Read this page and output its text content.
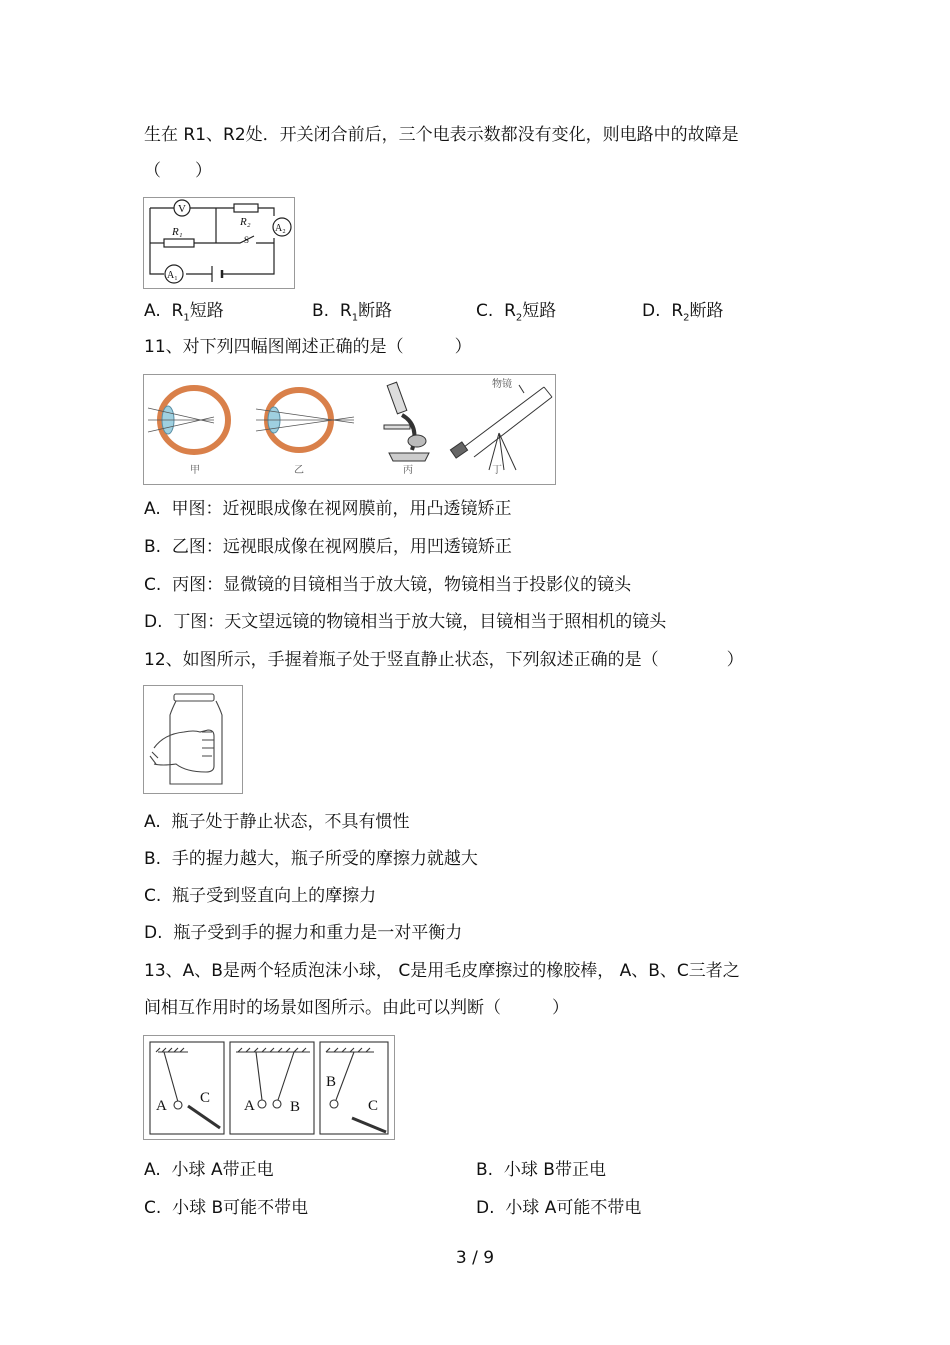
生在 R1、R2处．开关闭合前后，三个电表示数都没有变化，则电路中的故障是
（　　）
V
R₁
R₂
S
A₂
A₁
A. $R_1$短路	B. $R_1$断路	C. $R_2$短路	D. $R_2$断路
11、对下列四幅图阐述正确的是（　　　）
甲	乙	丙	丁
物镜
A. 甲图：近视眼成像在视网膜前，用凸透镜矫正
B. 乙图：远视眼成像在视网膜后，用凹透镜矫正
C. 丙图：显微镜的目镜相当于放大镜，物镜相当于投影仪的镜头
D. 丁图：天文望远镜的物镜相当于放大镜，目镜相当于照相机的镜头
12、如图所示，手握着瓶子处于竖直静止状态，下列叙述正确的是（　　　　）
A. 瓶子处于静止状态，不具有惯性
B. 手的握力越大，瓶子所受的摩擦力就越大
C. 瓶子受到竖直向上的摩擦力
D. 瓶子受到手的握力和重力是一对平衡力
13、A、B是两个轻质泡沫小球， C是用毛皮摩擦过的橡胶棒， A、B、C三者之
间相互作用时的场景如图所示。由此可以判断（　　　）
A C A B
B
C
A. 小球 A带正电	B. 小球 B带正电
C. 小球 B可能不带电	D. 小球 A可能不带电
3 / 9
